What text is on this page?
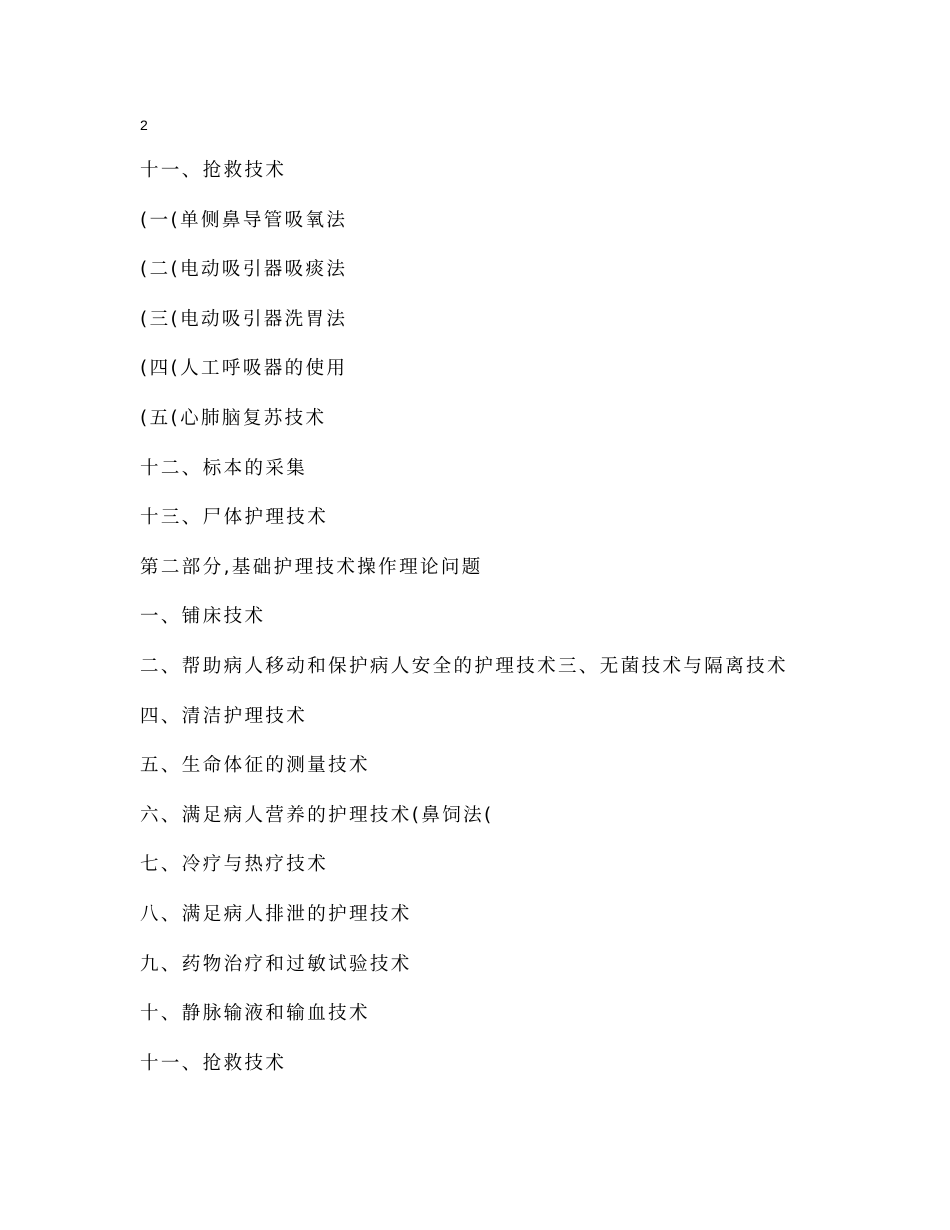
2
十一、抢救技术
(一(单侧鼻导管吸氧法
(二(电动吸引器吸痰法
(三(电动吸引器洗胃法
(四(人工呼吸器的使用
(五(心肺脑复苏技术
十二、标本的采集
十三、尸体护理技术
第二部分,基础护理技术操作理论问题
一、铺床技术
二、帮助病人移动和保护病人安全的护理技术三、无菌技术与隔离技术
四、清洁护理技术
五、生命体征的测量技术
六、满足病人营养的护理技术(鼻饲法(
七、冷疗与热疗技术
八、满足病人排泄的护理技术
九、药物治疗和过敏试验技术
十、静脉输液和输血技术
十一、抢救技术
